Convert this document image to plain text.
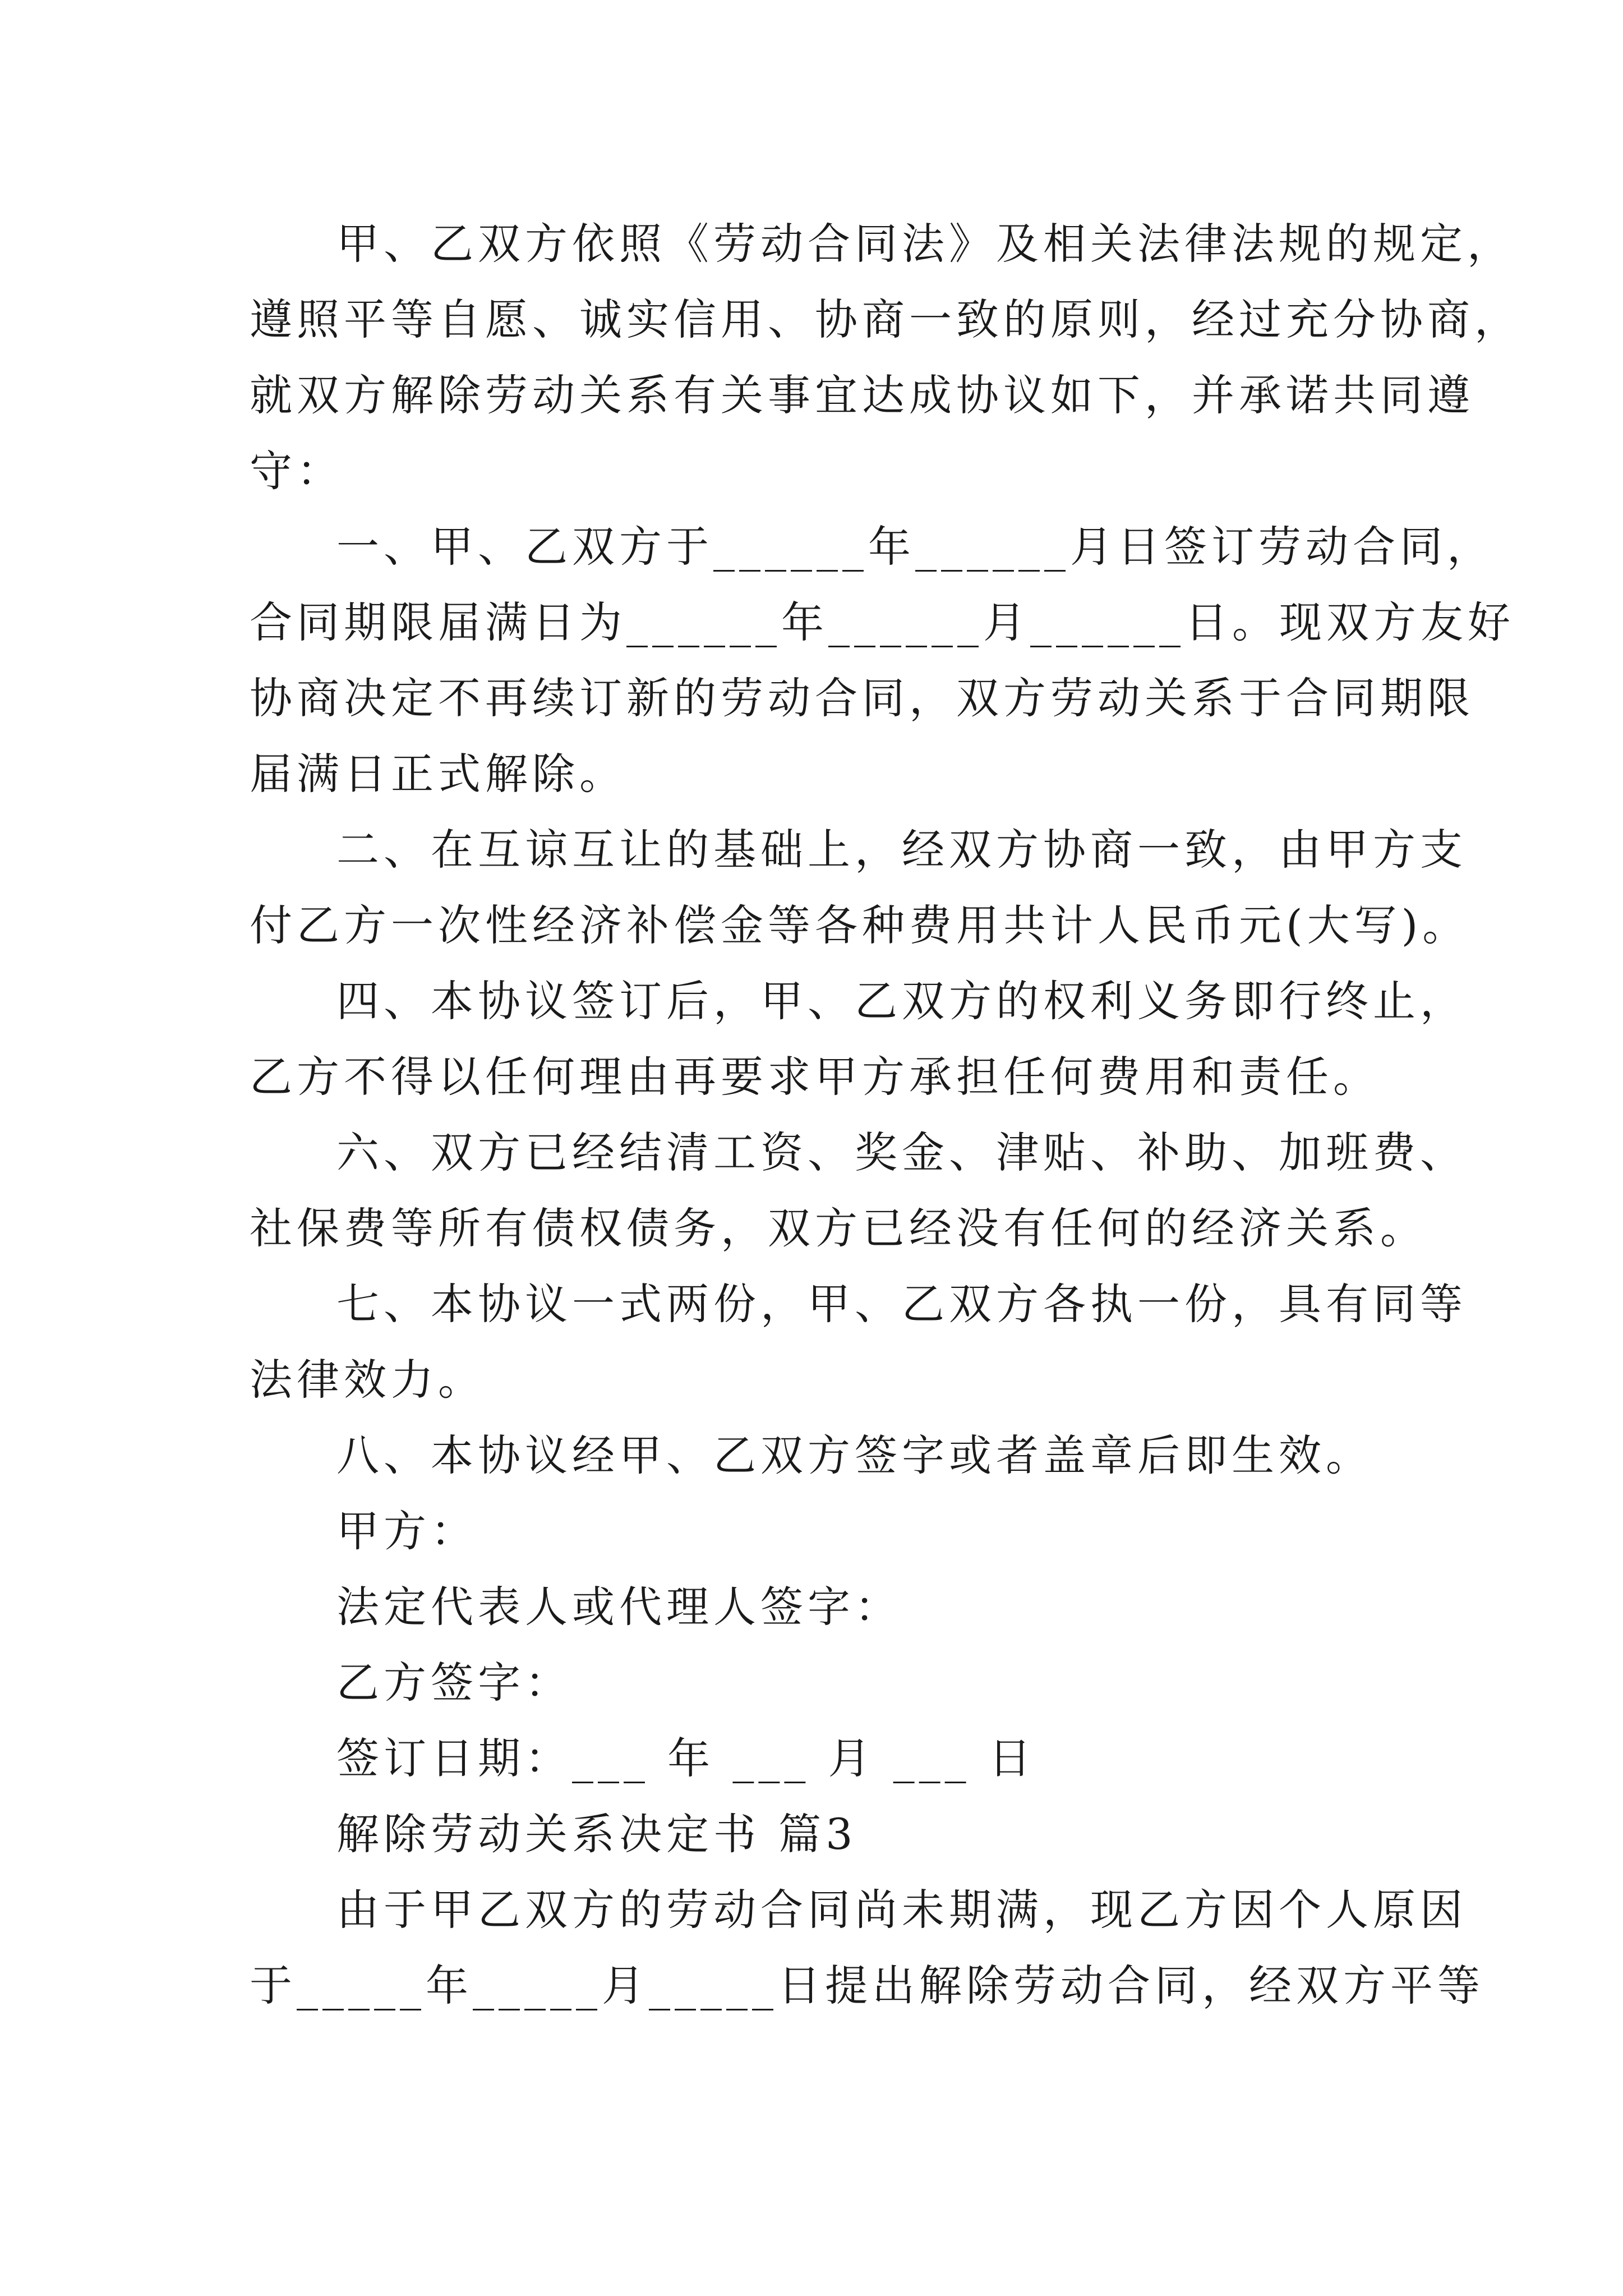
甲、乙双方依照《劳动合同法》及相关法律法规的规定，

遵照平等自愿、诚实信用、协商一致的原则，经过充分协商，

就双方解除劳动关系有关事宜达成协议如下，并承诺共同遵

守：

一、甲、乙双方于______年______月日签订劳动合同，

合同期限届满日为______年______月______日。现双方友好

协商决定不再续订新的劳动合同，双方劳动关系于合同期限

届满日正式解除。

二、在互谅互让的基础上，经双方协商一致，由甲方支

付乙方一次性经济补偿金等各种费用共计人民币元(大写)。

四、本协议签订后，甲、乙双方的权利义务即行终止，

乙方不得以任何理由再要求甲方承担任何费用和责任。

六、双方已经结清工资、奖金、津贴、补助、加班费、

社保费等所有债权债务，双方已经没有任何的经济关系。

七、本协议一式两份，甲、乙双方各执一份，具有同等

法律效力。

八、本协议经甲、乙双方签字或者盖章后即生效。

甲方：

法定代表人或代理人签字：

乙方签字：

签订日期：___ 年 ___ 月 ___ 日

解除劳动关系决定书 篇3

由于甲乙双方的劳动合同尚未期满，现乙方因个人原因

于_____年_____月_____日提出解除劳动合同，经双方平等
